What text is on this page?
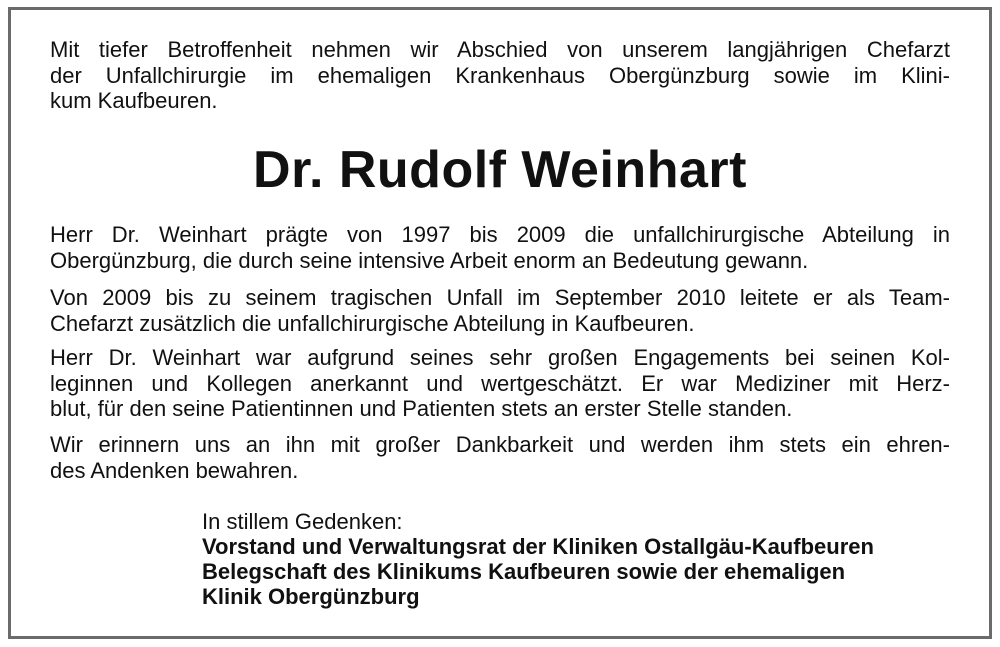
Mit tiefer Betroffenheit nehmen wir Abschied von unserem langjährigen Chefarzt
der Unfallchirurgie im ehemaligen Krankenhaus Obergünzburg sowie im Klini-
kum Kaufbeuren.

Dr. Rudolf Weinhart

Herr Dr. Weinhart prägte von 1997 bis 2009 die unfallchirurgische Abteilung in
Obergünzburg, die durch seine intensive Arbeit enorm an Bedeutung gewann.

Von 2009 bis zu seinem tragischen Unfall im September 2010 leitete er als Team-
Chefarzt zusätzlich die unfallchirurgische Abteilung in Kaufbeuren.

Herr Dr. Weinhart war aufgrund seines sehr großen Engagements bei seinen Kol-
leginnen und Kollegen anerkannt und wertgeschätzt. Er war Mediziner mit Herz-
blut, für den seine Patientinnen und Patienten stets an erster Stelle standen.

Wir erinnern uns an ihn mit großer Dankbarkeit und werden ihm stets ein ehren-
des Andenken bewahren.

In stillem Gedenken:
Vorstand und Verwaltungsrat der Kliniken Ostallgäu-Kaufbeuren
Belegschaft des Klinikums Kaufbeuren sowie der ehemaligen
Klinik Obergünzburg
